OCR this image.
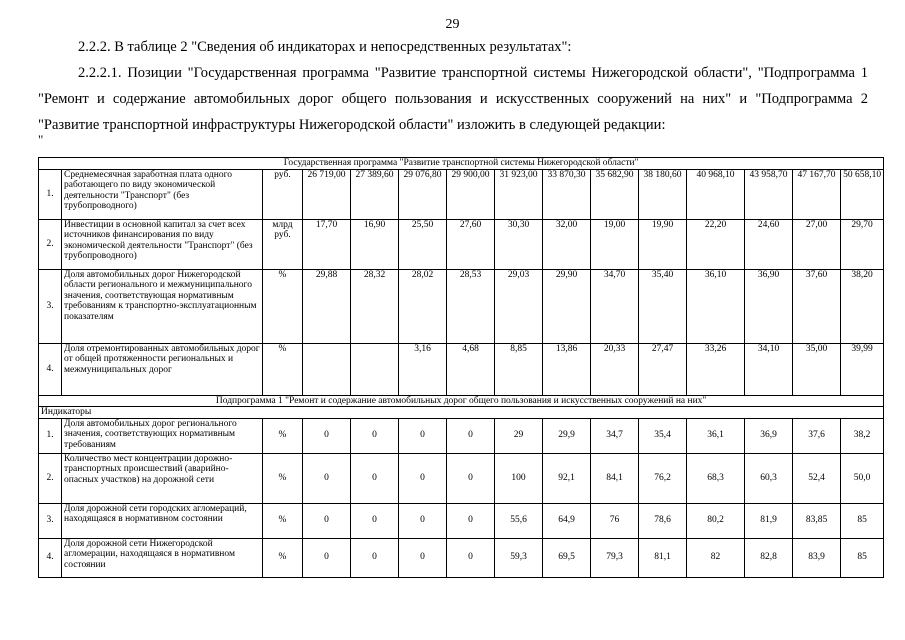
29
2.2.2. В таблице 2 "Сведения об индикаторах и непосредственных результатах":
2.2.2.1. Позиции "Государственная программа "Развитие транспортной системы Нижегородской области", "Подпрограмма 1 "Ремонт и содержание автомобильных дорог общего пользования и искусственных сооружений на них" и "Подпрограмма 2 "Развитие транспортной инфраструктуры Нижегородской области" изложить в следующей редакции:
"
Государственная программа "Развитие транспортной системы Нижегородской области"														
1.	Среднемесячная заработная плата одного работающего по виду экономической деятельности "Транспорт" (без трубопроводного)	руб.	26 719,00	27 389,60	29 076,80	29 900,00	31 923,00	33 870,30	35 682,90	38 180,60	40 968,10	43 958,70	47 167,70	50 658,10
2.	Инвестиции в основной капитал за счет всех источников финансирования по виду экономической деятельности "Транспорт" (без трубопроводного)	млрд руб.	17,70	16,90	25,50	27,60	30,30	32,00	19,00	19,90	22,20	24,60	27,00	29,70
3.	Доля автомобильных дорог Нижегородской области регионального и межмуниципального значения, соответствующая нормативным требованиям к транспортно-эксплуатационным показателям	%	29,88	28,32	28,02	28,53	29,03	29,90	34,70	35,40	36,10	36,90	37,60	38,20
4.	Доля отремонтированных автомобильных дорог от общей протяженности региональных и межмуниципальных дорог	%			3,16	4,68	8,85	13,86	20,33	27,47	33,26	34,10	35,00	39,99
Подпрограмма 1 "Ремонт и содержание автомобильных дорог общего пользования и искусственных сооружений на них"														
Индикаторы														
1.	Доля автомобильных дорог регионального значения, соответствующих нормативным требованиям	%	0	0	0	0	29	29,9	34,7	35,4	36,1	36,9	37,6	38,2
2.	Количество мест концентрации дорожно-транспортных происшествий (аварийно-опасных участков) на дорожной сети	%	0	0	0	0	100	92,1	84,1	76,2	68,3	60,3	52,4	50,0
3.	Доля дорожной сети городских агломераций, находящаяся в нормативном состоянии	%	0	0	0	0	55,6	64,9	76	78,6	80,2	81,9	83,85	85
4.	Доля дорожной сети Нижегородской агломерации, находящаяся в нормативном состоянии	%	0	0	0	0	59,3	69,5	79,3	81,1	82	82,8	83,9	85
